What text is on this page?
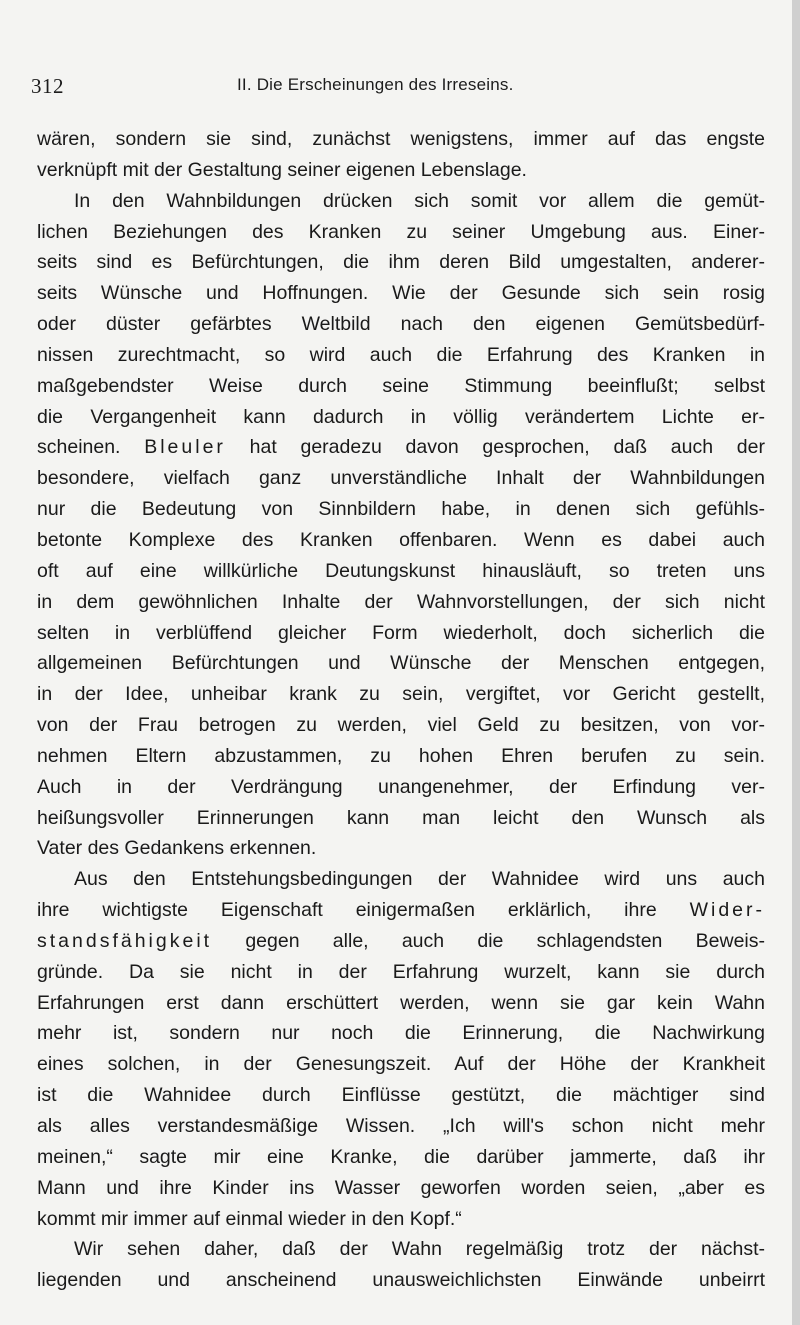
312	II. Die Erscheinungen des Irreseins.
wären, sondern sie sind, zunächst wenigstens, immer auf das engste
verknüpft mit der Gestaltung seiner eigenen Lebenslage.
In den Wahnbildungen drücken sich somit vor allem die gemüt-
lichen Beziehungen des Kranken zu seiner Umgebung aus. Einer-
seits sind es Befürchtungen, die ihm deren Bild umgestalten, anderer-
seits Wünsche und Hoffnungen. Wie der Gesunde sich sein rosig
oder düster gefärbtes Weltbild nach den eigenen Gemütsbedürf-
nissen zurechtmacht, so wird auch die Erfahrung des Kranken in
maßgebendster Weise durch seine Stimmung beeinflußt; selbst
die Vergangenheit kann dadurch in völlig verändertem Lichte er-
scheinen. Bleuler hat geradezu davon gesprochen, daß auch der
besondere, vielfach ganz unverständliche Inhalt der Wahnbildungen
nur die Bedeutung von Sinnbildern habe, in denen sich gefühls-
betonte Komplexe des Kranken offenbaren. Wenn es dabei auch
oft auf eine willkürliche Deutungskunst hinausläuft, so treten uns
in dem gewöhnlichen Inhalte der Wahnvorstellungen, der sich nicht
selten in verblüffend gleicher Form wiederholt, doch sicherlich die
allgemeinen Befürchtungen und Wünsche der Menschen entgegen,
in der Idee, unheibar krank zu sein, vergiftet, vor Gericht gestellt,
von der Frau betrogen zu werden, viel Geld zu besitzen, von vor-
nehmen Eltern abzustammen, zu hohen Ehren berufen zu sein.
Auch in der Verdrängung unangenehmer, der Erfindung ver-
heißungsvoller Erinnerungen kann man leicht den Wunsch als
Vater des Gedankens erkennen.
Aus den Entstehungsbedingungen der Wahnidee wird uns auch
ihre wichtigste Eigenschaft einigermaßen erklärlich, ihre Wider-
standsfähigkeit gegen alle, auch die schlagendsten Beweis-
gründe. Da sie nicht in der Erfahrung wurzelt, kann sie durch
Erfahrungen erst dann erschüttert werden, wenn sie gar kein Wahn
mehr ist, sondern nur noch die Erinnerung, die Nachwirkung
eines solchen, in der Genesungszeit. Auf der Höhe der Krankheit
ist die Wahnidee durch Einflüsse gestützt, die mächtiger sind
als alles verstandesmäßige Wissen. „Ich will's schon nicht mehr
meinen,“ sagte mir eine Kranke, die darüber jammerte, daß ihr
Mann und ihre Kinder ins Wasser geworfen worden seien, „aber es
kommt mir immer auf einmal wieder in den Kopf.“
Wir sehen daher, daß der Wahn regelmäßig trotz der nächst-
liegenden und anscheinend unausweichlichsten Einwände unbeirrt
